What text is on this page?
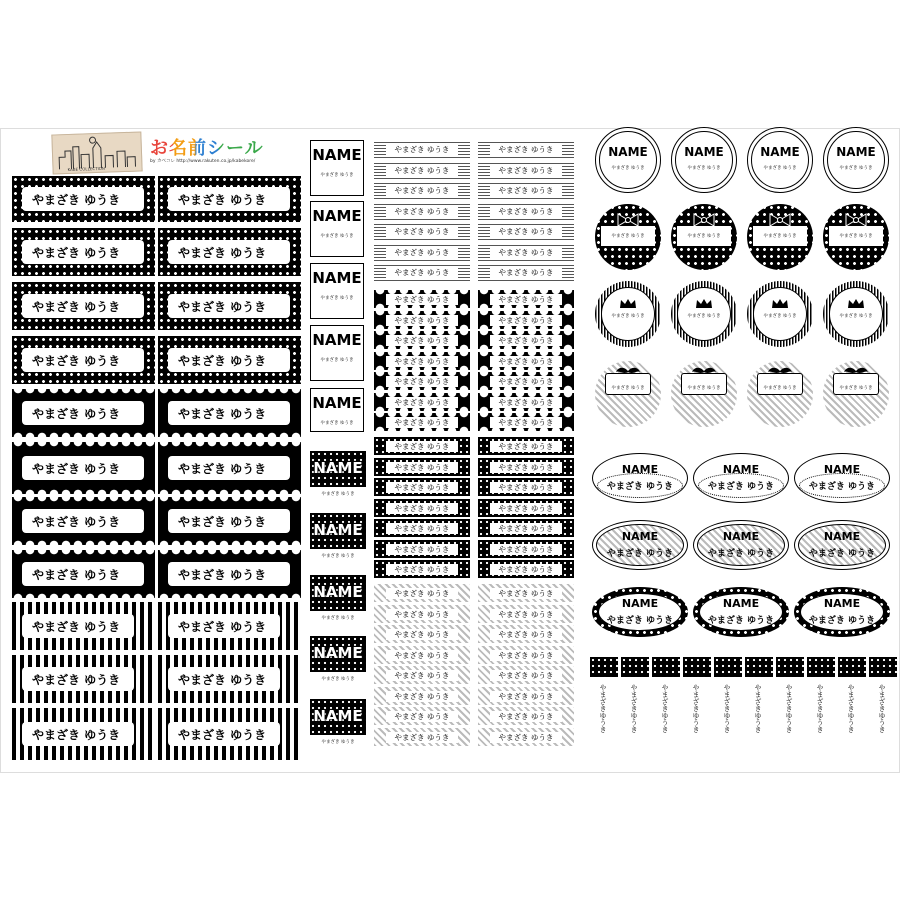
KABE COLLECTION
お名前シール
by カベコレ http://www.rakuten.co.jp/kabekore/
やまざき ゆうき	やまざき ゆうき
やまざき ゆうき	やまざき ゆうき
やまざき ゆうき	やまざき ゆうき
やまざき ゆうき	やまざき ゆうき
やまざき ゆうき	やまざき ゆうき
やまざき ゆうき	やまざき ゆうき
やまざき ゆうき	やまざき ゆうき
やまざき ゆうき	やまざき ゆうき
やまざき ゆうき	やまざき ゆうき
やまざき ゆうき	やまざき ゆうき
やまざき ゆうき	やまざき ゆうき
NAME
やまざき ゆうき
NAME
やまざき ゆうき
NAME
やまざき ゆうき
NAME
やまざき ゆうき
NAME
やまざき ゆうき
NAME
やまざき ゆうき
NAME
やまざき ゆうき
NAME
やまざき ゆうき
NAME
やまざき ゆうき
NAME
やまざき ゆうき
やまざき ゆうき	やまざき ゆうき
やまざき ゆうき	やまざき ゆうき
やまざき ゆうき	やまざき ゆうき
やまざき ゆうき	やまざき ゆうき
やまざき ゆうき	やまざき ゆうき
やまざき ゆうき	やまざき ゆうき
やまざき ゆうき	やまざき ゆうき
やまざき ゆうき	やまざき ゆうき
やまざき ゆうき	やまざき ゆうき
やまざき ゆうき	やまざき ゆうき
やまざき ゆうき	やまざき ゆうき
やまざき ゆうき	やまざき ゆうき
やまざき ゆうき	やまざき ゆうき
やまざき ゆうき	やまざき ゆうき
やまざき ゆうき	やまざき ゆうき
やまざき ゆうき	やまざき ゆうき
やまざき ゆうき	やまざき ゆうき
やまざき ゆうき	やまざき ゆうき
やまざき ゆうき	やまざき ゆうき
やまざき ゆうき	やまざき ゆうき
やまざき ゆうき	やまざき ゆうき
やまざき ゆうき	やまざき ゆうき
やまざき ゆうき	やまざき ゆうき
やまざき ゆうき	やまざき ゆうき
やまざき ゆうき	やまざき ゆうき
やまざき ゆうき	やまざき ゆうき
やまざき ゆうき	やまざき ゆうき
やまざき ゆうき	やまざき ゆうき
やまざき ゆうき	やまざき ゆうき
NAME
やまざき ゆうき
NAME
やまざき ゆうき
NAME
やまざき ゆうき
NAME
やまざき ゆうき
やまざき ゆうき	やまざき ゆうき	やまざき ゆうき	やまざき ゆうき
やまざき ゆうき	やまざき ゆうき	やまざき ゆうき	やまざき ゆうき
やまざき ゆうき	やまざき ゆうき	やまざき ゆうき	やまざき ゆうき
NAME
やまざき ゆうき
NAME
やまざき ゆうき
NAME
やまざき ゆうき
NAME
やまざき ゆうき
NAME
やまざき ゆうき
NAME
やまざき ゆうき
NAME
やまざき ゆうき
NAME
やまざき ゆうき
NAME
やまざき ゆうき
やまざきゆうき	やまざきゆうき	やまざきゆうき	やまざきゆうき	やまざきゆうき	やまざきゆうき	やまざきゆうき	やまざきゆうき	やまざきゆうき	やまざきゆうき
